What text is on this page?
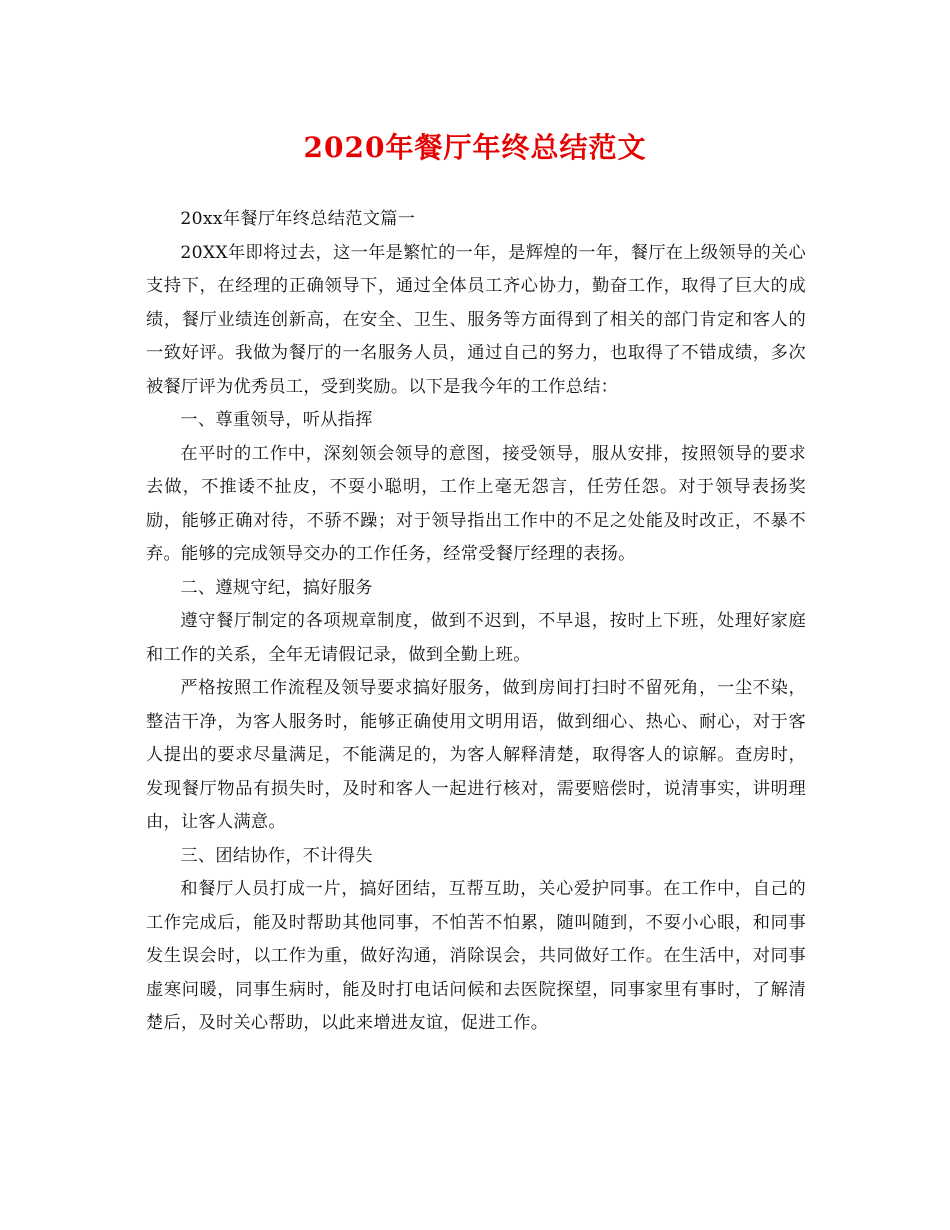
2020年餐厅年终总结范文

20xx年餐厅年终总结范文篇一

20XX年即将过去，这一年是繁忙的一年，是辉煌的一年，餐厅在上级领导的关心支持下，在经理的正确领导下，通过全体员工齐心协力，勤奋工作，取得了巨大的成绩，餐厅业绩连创新高，在安全、卫生、服务等方面得到了相关的部门肯定和客人的一致好评。我做为餐厅的一名服务人员，通过自己的努力，也取得了不错成绩，多次被餐厅评为优秀员工，受到奖励。以下是我今年的工作总结：

一、尊重领导，听从指挥

在平时的工作中，深刻领会领导的意图，接受领导，服从安排，按照领导的要求去做，不推诿不扯皮，不耍小聪明，工作上毫无怨言，任劳任怨。对于领导表扬奖励，能够正确对待，不骄不躁；对于领导指出工作中的不足之处能及时改正，不暴不弃。能够的完成领导交办的工作任务，经常受餐厅经理的表扬。

二、遵规守纪，搞好服务

遵守餐厅制定的各项规章制度，做到不迟到，不早退，按时上下班，处理好家庭和工作的关系，全年无请假记录，做到全勤上班。

严格按照工作流程及领导要求搞好服务，做到房间打扫时不留死角，一尘不染，整洁干净，为客人服务时，能够正确使用文明用语，做到细心、热心、耐心，对于客人提出的要求尽量满足，不能满足的，为客人解释清楚，取得客人的谅解。查房时，发现餐厅物品有损失时，及时和客人一起进行核对，需要赔偿时，说清事实，讲明理由，让客人满意。

三、团结协作，不计得失

和餐厅人员打成一片，搞好团结，互帮互助，关心爱护同事。在工作中，自己的工作完成后，能及时帮助其他同事，不怕苦不怕累，随叫随到，不耍小心眼，和同事发生误会时，以工作为重，做好沟通，消除误会，共同做好工作。在生活中，对同事虚寒问暖，同事生病时，能及时打电话问候和去医院探望，同事家里有事时，了解清楚后，及时关心帮助，以此来增进友谊，促进工作。
